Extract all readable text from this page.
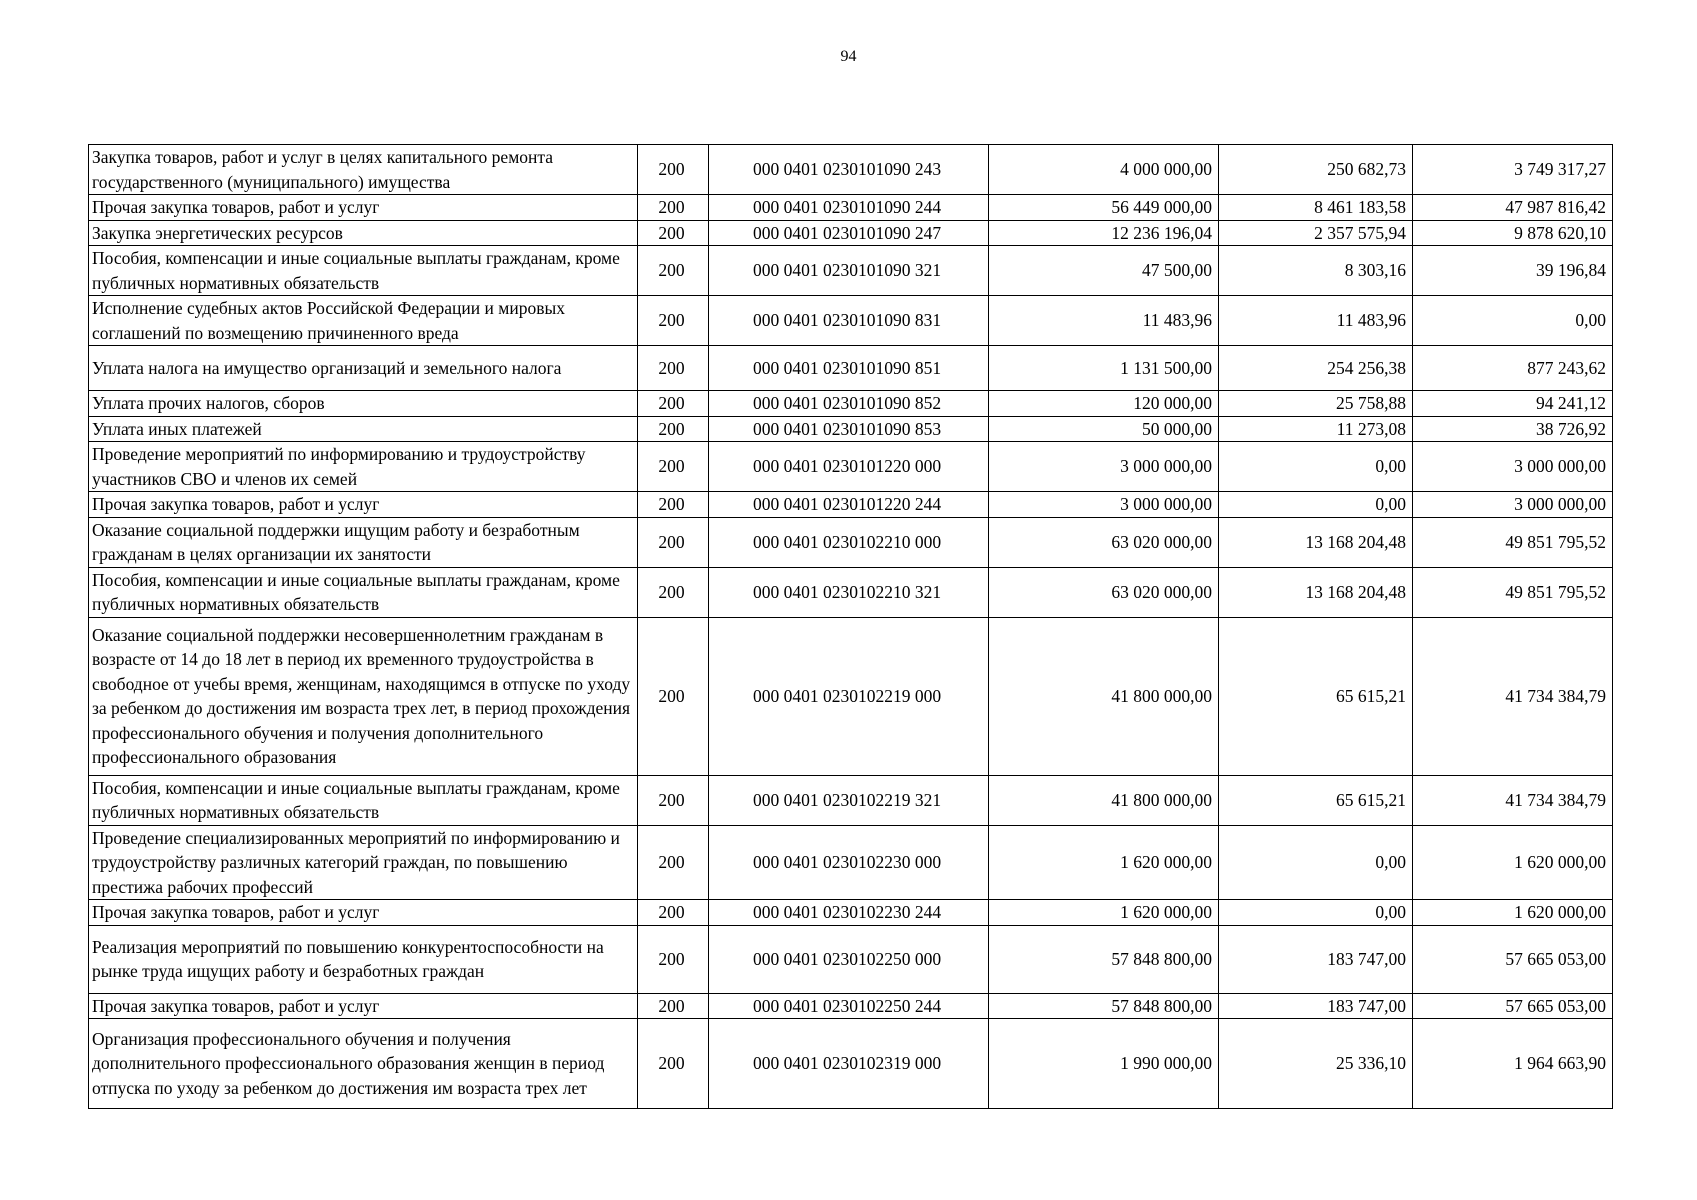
94
Закупка товаров, работ и услуг в целях капитального ремонта государственного (муниципального) имущества	200	000 0401 0230101090 243	4 000 000,00	250 682,73	3 749 317,27
Прочая закупка товаров, работ и услуг	200	000 0401 0230101090 244	56 449 000,00	8 461 183,58	47 987 816,42
Закупка энергетических ресурсов	200	000 0401 0230101090 247	12 236 196,04	2 357 575,94	9 878 620,10
Пособия, компенсации и иные социальные выплаты гражданам, кроме публичных нормативных обязательств	200	000 0401 0230101090 321	47 500,00	8 303,16	39 196,84
Исполнение судебных актов Российской Федерации и мировых соглашений по возмещению причиненного вреда	200	000 0401 0230101090 831	11 483,96	11 483,96	0,00
Уплата налога на имущество организаций и земельного налога	200	000 0401 0230101090 851	1 131 500,00	254 256,38	877 243,62
Уплата прочих налогов, сборов	200	000 0401 0230101090 852	120 000,00	25 758,88	94 241,12
Уплата иных платежей	200	000 0401 0230101090 853	50 000,00	11 273,08	38 726,92
Проведение мероприятий по информированию и трудоустройству участников СВО и членов их семей	200	000 0401 0230101220 000	3 000 000,00	0,00	3 000 000,00
Прочая закупка товаров, работ и услуг	200	000 0401 0230101220 244	3 000 000,00	0,00	3 000 000,00
Оказание социальной поддержки ищущим работу и безработным гражданам в целях организации их занятости	200	000 0401 0230102210 000	63 020 000,00	13 168 204,48	49 851 795,52
Пособия, компенсации и иные социальные выплаты гражданам, кроме публичных нормативных обязательств	200	000 0401 0230102210 321	63 020 000,00	13 168 204,48	49 851 795,52
Оказание социальной поддержки несовершеннолетним гражданам в возрасте от 14 до 18 лет в период их временного трудоустройства в свободное от учебы время, женщинам, находящимся в отпуске по уходу за ребенком до достижения им возраста трех лет, в период прохождения профессионального обучения и получения дополнительного профессионального образования	200	000 0401 0230102219 000	41 800 000,00	65 615,21	41 734 384,79
Пособия, компенсации и иные социальные выплаты гражданам, кроме публичных нормативных обязательств	200	000 0401 0230102219 321	41 800 000,00	65 615,21	41 734 384,79
Проведение специализированных мероприятий по информированию и трудоустройству различных категорий граждан, по повышению престижа рабочих профессий	200	000 0401 0230102230 000	1 620 000,00	0,00	1 620 000,00
Прочая закупка товаров, работ и услуг	200	000 0401 0230102230 244	1 620 000,00	0,00	1 620 000,00
Реализация мероприятий по повышению конкурентоспособности на рынке труда ищущих работу и безработных граждан	200	000 0401 0230102250 000	57 848 800,00	183 747,00	57 665 053,00
Прочая закупка товаров, работ и услуг	200	000 0401 0230102250 244	57 848 800,00	183 747,00	57 665 053,00
Организация профессионального обучения и получения дополнительного профессионального образования женщин в период отпуска по уходу за ребенком до достижения им возраста трех лет	200	000 0401 0230102319 000	1 990 000,00	25 336,10	1 964 663,90
